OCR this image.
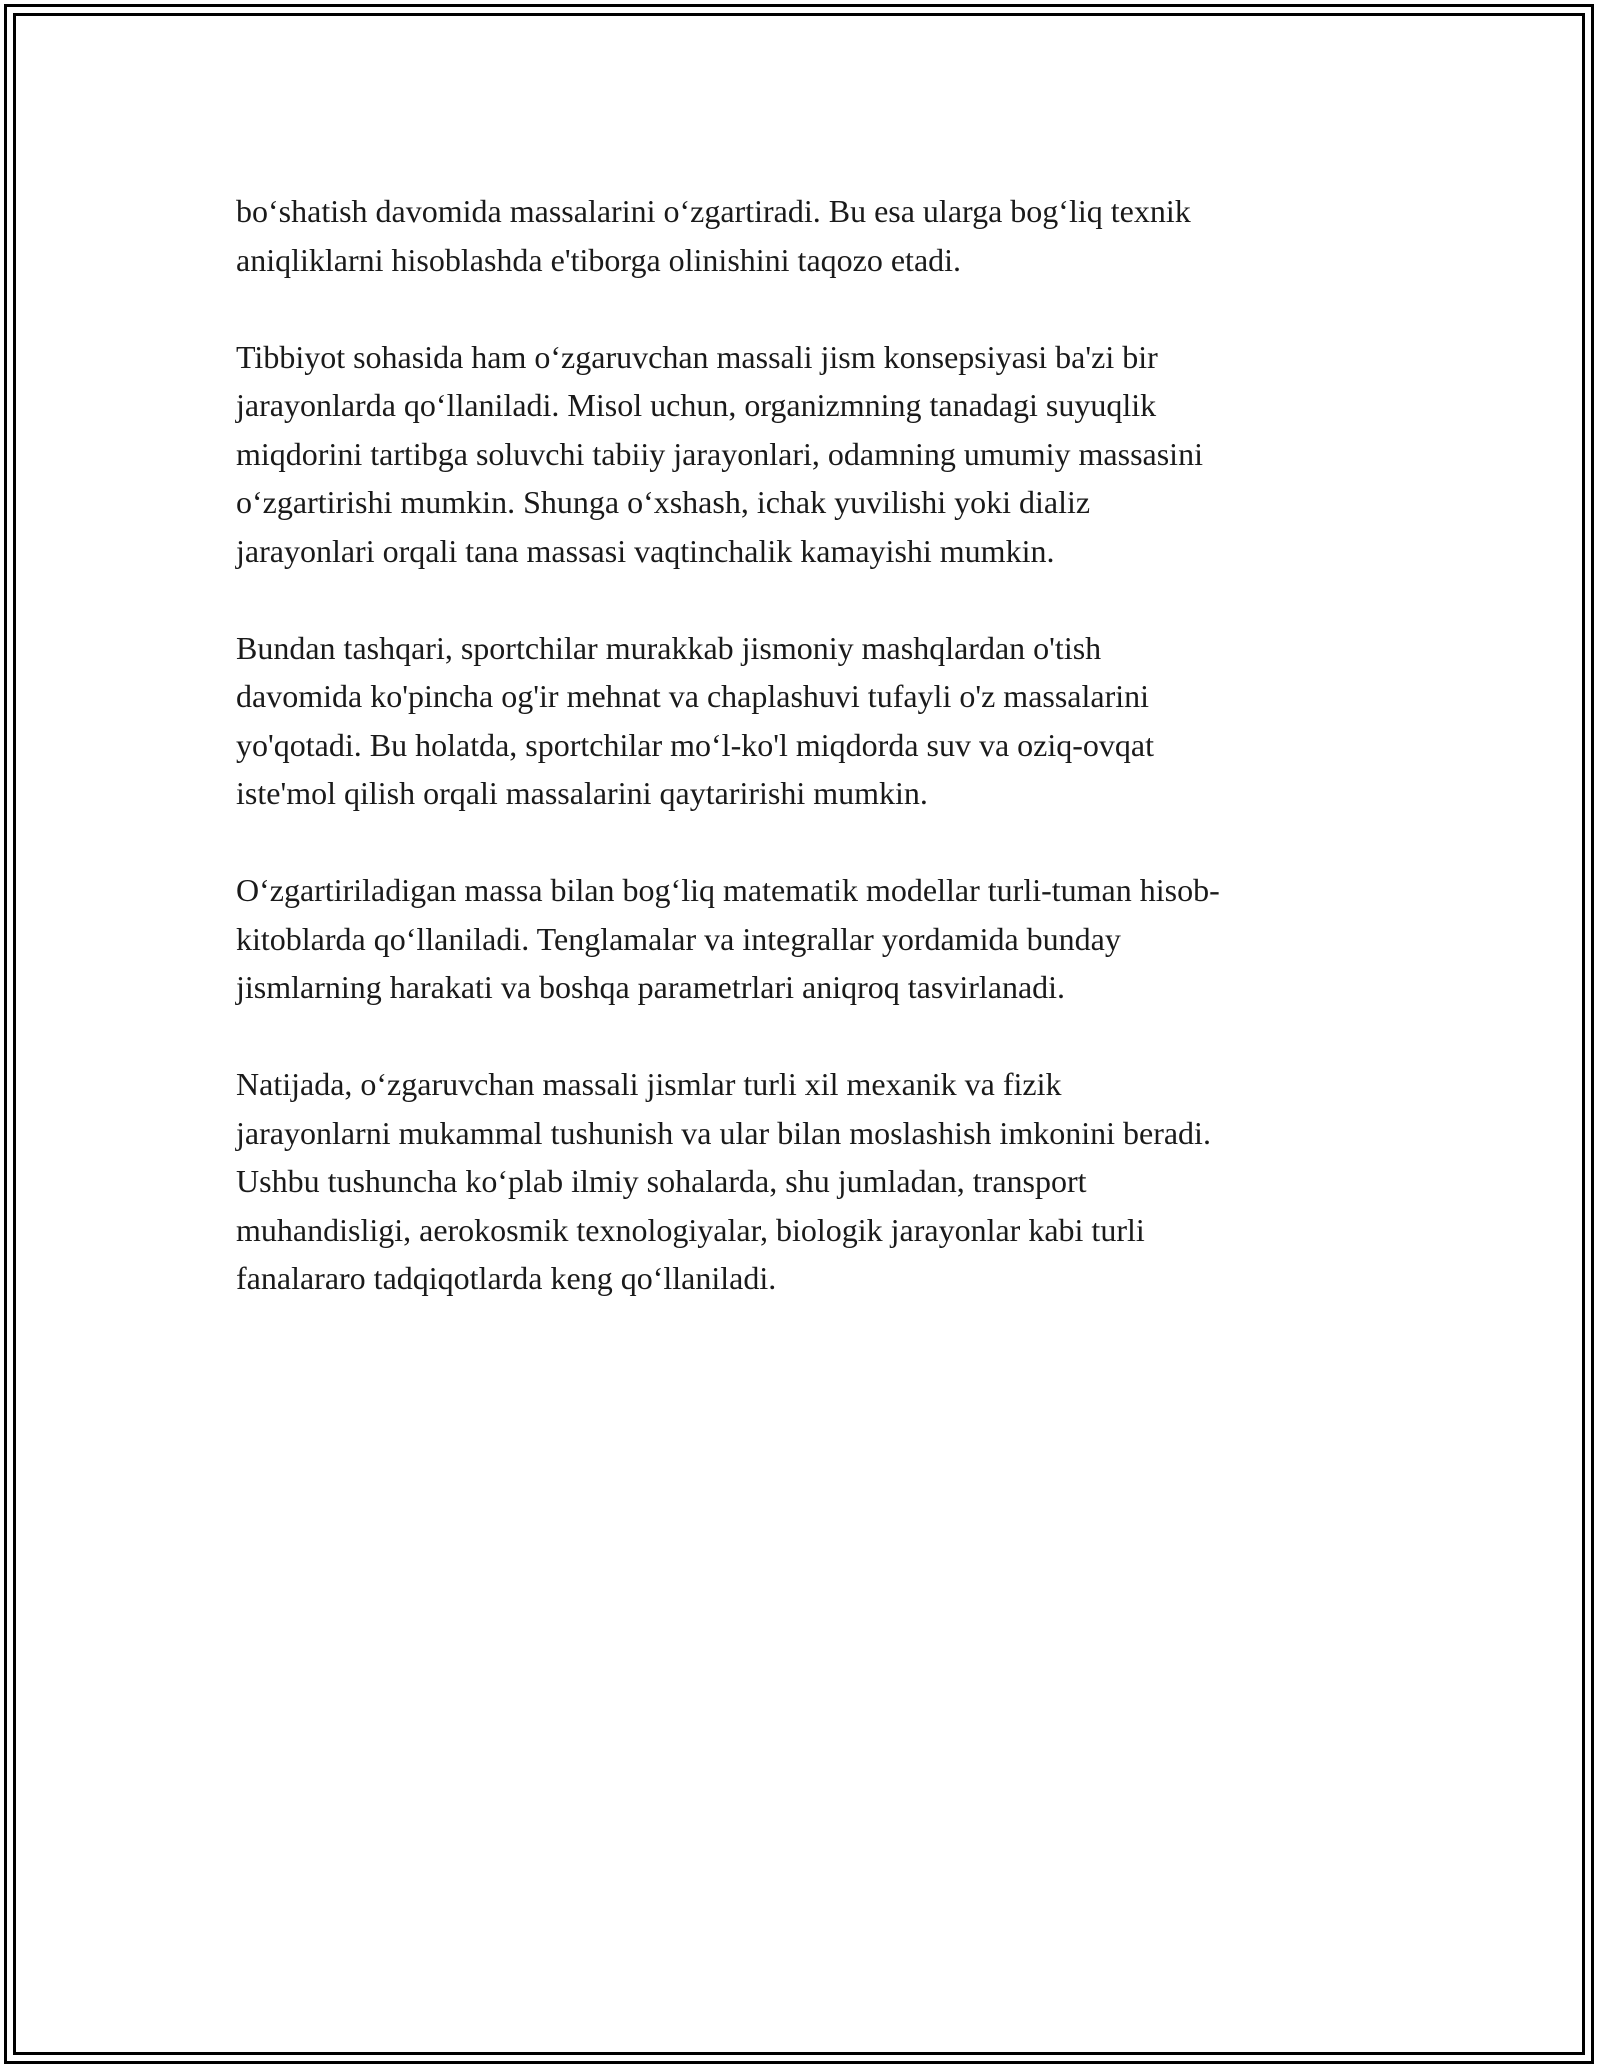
bo‘shatish davomida massalarini o‘zgartiradi. Bu esa ularga bog‘liq texnik
aniqliklarni hisoblashda e'tiborga olinishini taqozo etadi.

Tibbiyot sohasida ham o‘zgaruvchan massali jism konsepsiyasi ba'zi bir
jarayonlarda qo‘llaniladi. Misol uchun, organizmning tanadagi suyuqlik
miqdorini tartibga soluvchi tabiiy jarayonlari, odamning umumiy massasini
o‘zgartirishi mumkin. Shunga o‘xshash, ichak yuvilishi yoki dializ
jarayonlari orqali tana massasi vaqtinchalik kamayishi mumkin.

Bundan tashqari, sportchilar murakkab jismoniy mashqlardan o'tish
davomida ko'pincha og'ir mehnat va chaplashuvi tufayli o'z massalarini
yo'qotadi. Bu holatda, sportchilar mo‘l-ko'l miqdorda suv va oziq-ovqat
iste'mol qilish orqali massalarini qaytaririshi mumkin.

O‘zgartiriladigan massa bilan bog‘liq matematik modellar turli-tuman hisob-
kitoblarda qo‘llaniladi. Tenglamalar va integrallar yordamida bunday
jismlarning harakati va boshqa parametrlari aniqroq tasvirlanadi.

Natijada, o‘zgaruvchan massali jismlar turli xil mexanik va fizik
jarayonlarni mukammal tushunish va ular bilan moslashish imkonini beradi.
Ushbu tushuncha ko‘plab ilmiy sohalarda, shu jumladan, transport
muhandisligi, aerokosmik texnologiyalar, biologik jarayonlar kabi turli
fanalararo tadqiqotlarda keng qo‘llaniladi.
